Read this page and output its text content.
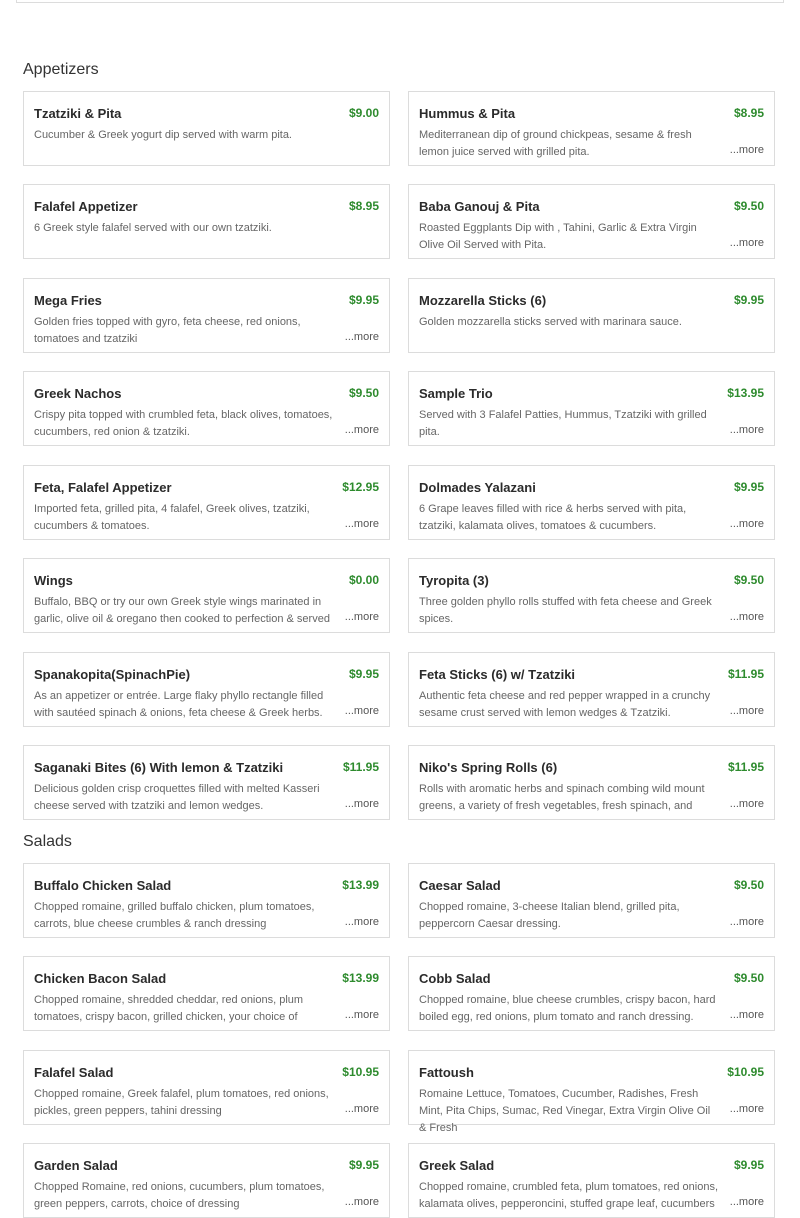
Appetizers
Salads
Tzatziki & Pita	$9.00
Cucumber & Greek yogurt dip served with warm pita.
Hummus & Pita	$8.95
Mediterranean dip of ground chickpeas, sesame & fresh lemon juice served with grilled pita.	...more
Falafel Appetizer	$8.95
6 Greek style falafel served with our own tzatziki.
Baba Ganouj & Pita	$9.50
Roasted Eggplants Dip with , Tahini, Garlic & Extra Virgin Olive Oil Served with Pita.	...more
Mega Fries	$9.95
Golden fries topped with gyro, feta cheese, red onions, tomatoes and tzatziki	...more
Mozzarella Sticks (6)	$9.95
Golden mozzarella sticks served with marinara sauce.
Greek Nachos	$9.50
Crispy pita topped with crumbled feta, black olives, tomatoes, cucumbers, red onion & tzatziki.	...more
Sample Trio	$13.95
Served with 3 Falafel Patties, Hummus, Tzatziki with grilled pita.	...more
Feta, Falafel Appetizer	$12.95
Imported feta, grilled pita, 4 falafel, Greek olives, tzatziki, cucumbers & tomatoes.	...more
Dolmades Yalazani	$9.95
6 Grape leaves filled with rice & herbs served with pita, tzatziki, kalamata olives, tomatoes & cucumbers.	...more
Wings	$0.00
Buffalo, BBQ or try our own Greek style wings marinated in garlic, olive oil & oregano then cooked to perfection & served	...more
Tyropita (3)	$9.50
Three golden phyllo rolls stuffed with feta cheese and Greek spices.	...more
Spanakopita(SpinachPie)	$9.95
As an appetizer or entrée. Large flaky phyllo rectangle filled with sautéed spinach & onions, feta cheese & Greek herbs.	...more
Feta Sticks (6) w/ Tzatziki	$11.95
Authentic feta cheese and red pepper wrapped in a crunchy sesame crust served with lemon wedges & Tzatziki.	...more
Saganaki Bites (6) With lemon & Tzatziki	$11.95
Delicious golden crisp croquettes filled with melted Kasseri cheese served with tzatziki and lemon wedges.	...more
Niko's Spring Rolls (6)	$11.95
Rolls with aromatic herbs and spinach combing wild mount greens, a variety of fresh vegetables, fresh spinach, and	...more
Buffalo Chicken Salad	$13.99
Chopped romaine, grilled buffalo chicken, plum tomatoes, carrots, blue cheese crumbles & ranch dressing	...more
Caesar Salad	$9.50
Chopped romaine, 3-cheese Italian blend, grilled pita, peppercorn Caesar dressing.	...more
Chicken Bacon Salad	$13.99
Chopped romaine, shredded cheddar, red onions, plum tomatoes, crispy bacon, grilled chicken, your choice of	...more
Cobb Salad	$9.50
Chopped romaine, blue cheese crumbles, crispy bacon, hard boiled egg, red onions, plum tomato and ranch dressing.	...more
Falafel Salad	$10.95
Chopped romaine, Greek falafel, plum tomatoes, red onions, pickles, green peppers, tahini dressing	...more
Fattoush	$10.95
Romaine Lettuce, Tomatoes, Cucumber, Radishes, Fresh Mint, Pita Chips, Sumac, Red Vinegar, Extra Virgin Olive Oil & Fresh
...more
Garden Salad	$9.95
Chopped Romaine, red onions, cucumbers, plum tomatoes, green peppers, carrots, choice of dressing	...more
Greek Salad	$9.95
Chopped romaine, crumbled feta, plum tomatoes, red onions, kalamata olives, pepperoncini, stuffed grape leaf, cucumbers	...more
